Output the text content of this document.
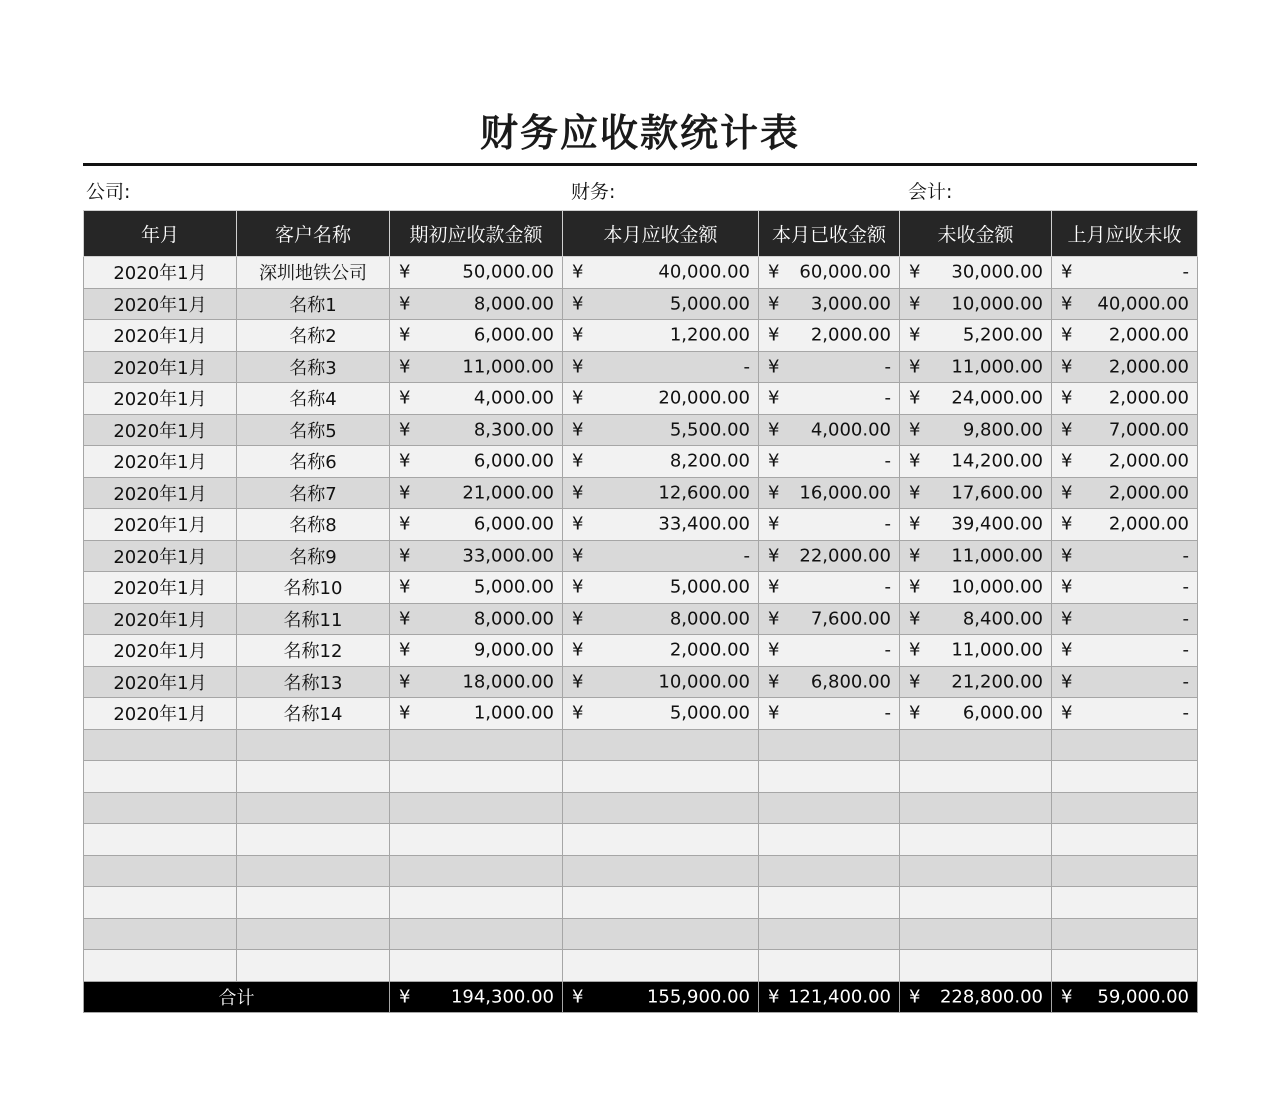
财务应收款统计表
公司:	财务:	会计:
年月	客户名称	期初应收款金额	本月应收金额	本月已收金额	未收金额	上月应收未收
2020年1月	深圳地铁公司	¥ 50,000.00	¥ 40,000.00	¥ 60,000.00	¥ 30,000.00	¥ -

2020年1月	名称1	¥ 8,000.00	¥ 5,000.00	¥ 3,000.00	¥ 10,000.00	¥ 40,000.00

2020年1月	名称2	¥ 6,000.00	¥ 1,200.00	¥ 2,000.00	¥ 5,200.00	¥ 2,000.00

2020年1月	名称3	¥ 11,000.00	¥ -	¥ -	¥ 11,000.00	¥ 2,000.00

2020年1月	名称4	¥ 4,000.00	¥ 20,000.00	¥ -	¥ 24,000.00	¥ 2,000.00

2020年1月	名称5	¥ 8,300.00	¥ 5,500.00	¥ 4,000.00	¥ 9,800.00	¥ 7,000.00

2020年1月	名称6	¥ 6,000.00	¥ 8,200.00	¥ -	¥ 14,200.00	¥ 2,000.00

2020年1月	名称7	¥ 21,000.00	¥ 12,600.00	¥ 16,000.00	¥ 17,600.00	¥ 2,000.00

2020年1月	名称8	¥ 6,000.00	¥ 33,400.00	¥ -	¥ 39,400.00	¥ 2,000.00

2020年1月	名称9	¥ 33,000.00	¥ -	¥ 22,000.00	¥ 11,000.00	¥ -

2020年1月	名称10	¥ 5,000.00	¥ 5,000.00	¥ -	¥ 10,000.00	¥ -

2020年1月	名称11	¥ 8,000.00	¥ 8,000.00	¥ 7,600.00	¥ 8,400.00	¥ -

2020年1月	名称12	¥ 9,000.00	¥ 2,000.00	¥ -	¥ 11,000.00	¥ -

2020年1月	名称13	¥ 18,000.00	¥ 10,000.00	¥ 6,800.00	¥ 21,200.00	¥ -

2020年1月	名称14	¥ 1,000.00	¥ 5,000.00	¥ -	¥ 6,000.00	¥ -

合计		¥ 194,300.00	¥ 155,900.00	¥ 121,400.00	¥ 228,800.00	¥ 59,000.00
